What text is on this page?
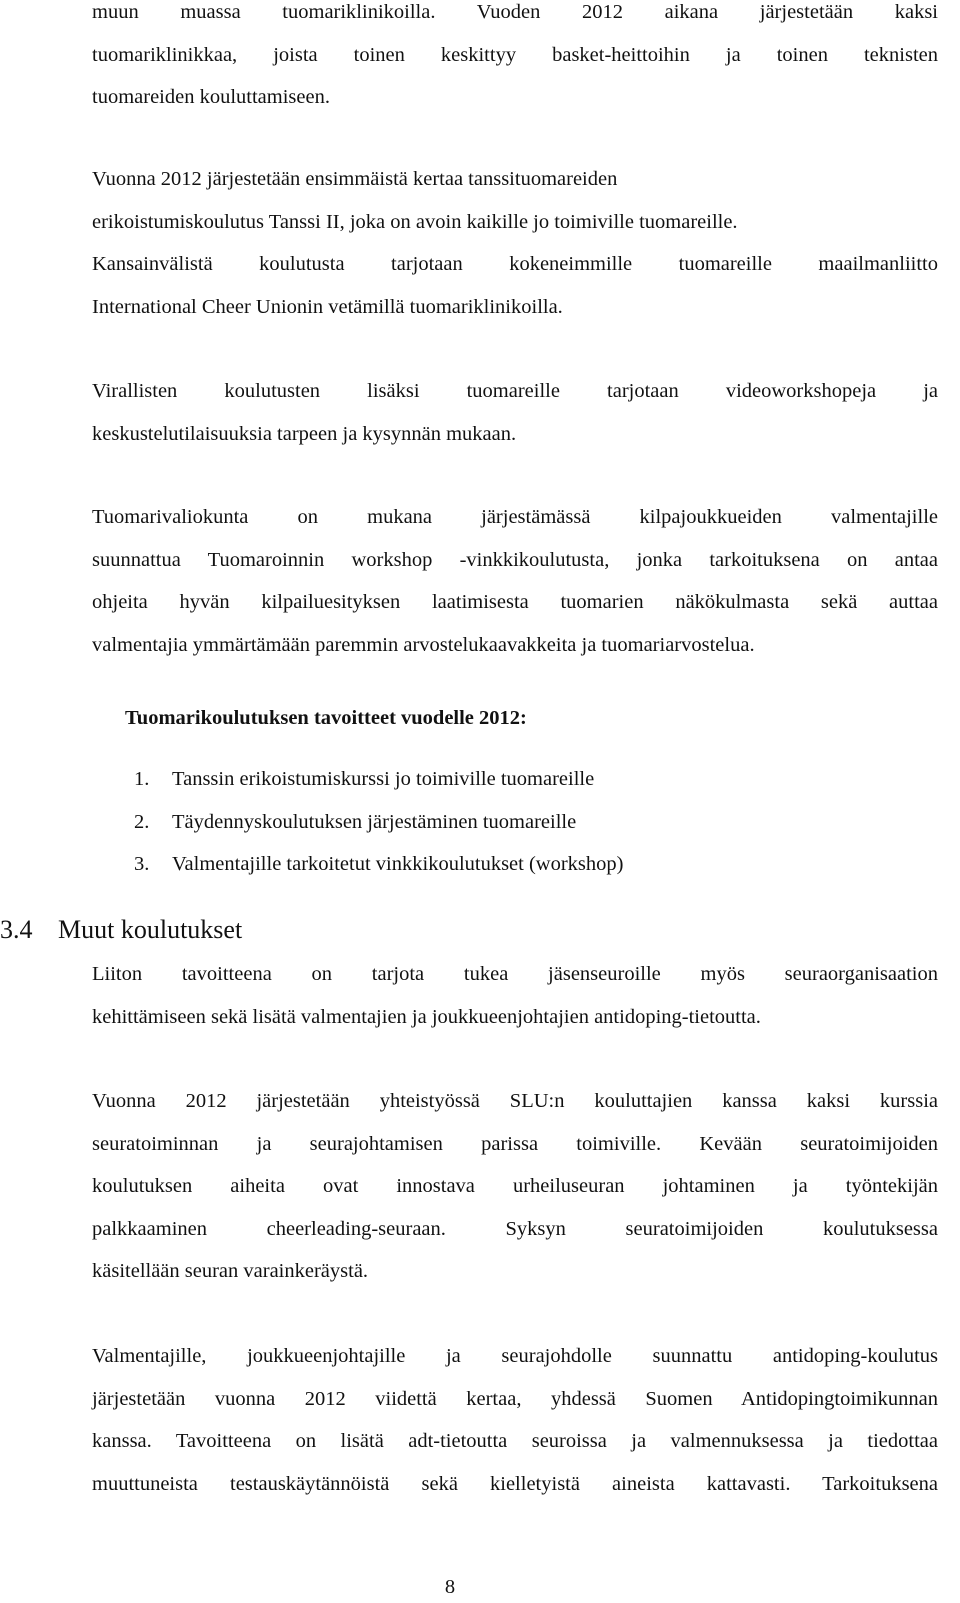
muun muassa tuomariklinikoilla. Vuoden 2012 aikana järjestetään kaksi
tuomariklinikkaa, joista toinen keskittyy basket-heittoihin ja toinen teknisten
tuomareiden kouluttamiseen.
Vuonna 2012 järjestetään ensimmäistä kertaa tanssituomareiden
erikoistumiskoulutus Tanssi II, joka on avoin kaikille jo toimiville tuomareille.
Kansainvälistä koulutusta tarjotaan kokeneimmille tuomareille maailmanliitto
International Cheer Unionin vetämillä tuomariklinikoilla.
Virallisten koulutusten lisäksi tuomareille tarjotaan videoworkshopeja ja
keskustelutilaisuuksia tarpeen ja kysynnän mukaan.
Tuomarivaliokunta on mukana järjestämässä kilpajoukkueiden valmentajille
suunnattua Tuomaroinnin workshop -vinkkikoulutusta, jonka tarkoituksena on antaa
ohjeita hyvän kilpailuesityksen laatimisesta tuomarien näkökulmasta sekä auttaa
valmentajia ymmärtämään paremmin arvostelukaavakkeita ja tuomariarvostelua.
Tuomarikoulutuksen tavoitteet vuodelle 2012:
1.	Tanssin erikoistumiskurssi jo toimiville tuomareille
2.	Täydennyskoulutuksen järjestäminen tuomareille
3.	Valmentajille tarkoitetut vinkkikoulutukset (workshop)
3.4 Muut koulutukset
Liiton tavoitteena on tarjota tukea jäsenseuroille myös seuraorganisaation
kehittämiseen sekä lisätä valmentajien ja joukkueenjohtajien antidoping-tietoutta.
Vuonna 2012 järjestetään yhteistyössä SLU:n kouluttajien kanssa kaksi kurssia
seuratoiminnan ja seurajohtamisen parissa toimiville. Kevään seuratoimijoiden
koulutuksen aiheita ovat innostava urheiluseuran johtaminen ja työntekijän
palkkaaminen cheerleading-seuraan. Syksyn seuratoimijoiden koulutuksessa
käsitellään seuran varainkeräystä.
Valmentajille, joukkueenjohtajille ja seurajohdolle suunnattu antidoping-koulutus
järjestetään vuonna 2012 viidettä kertaa, yhdessä Suomen Antidopingtoimikunnan
kanssa. Tavoitteena on lisätä adt-tietoutta seuroissa ja valmennuksessa ja tiedottaa
muuttuneista testauskäytännöistä sekä kielletyistä aineista kattavasti. Tarkoituksena
8
